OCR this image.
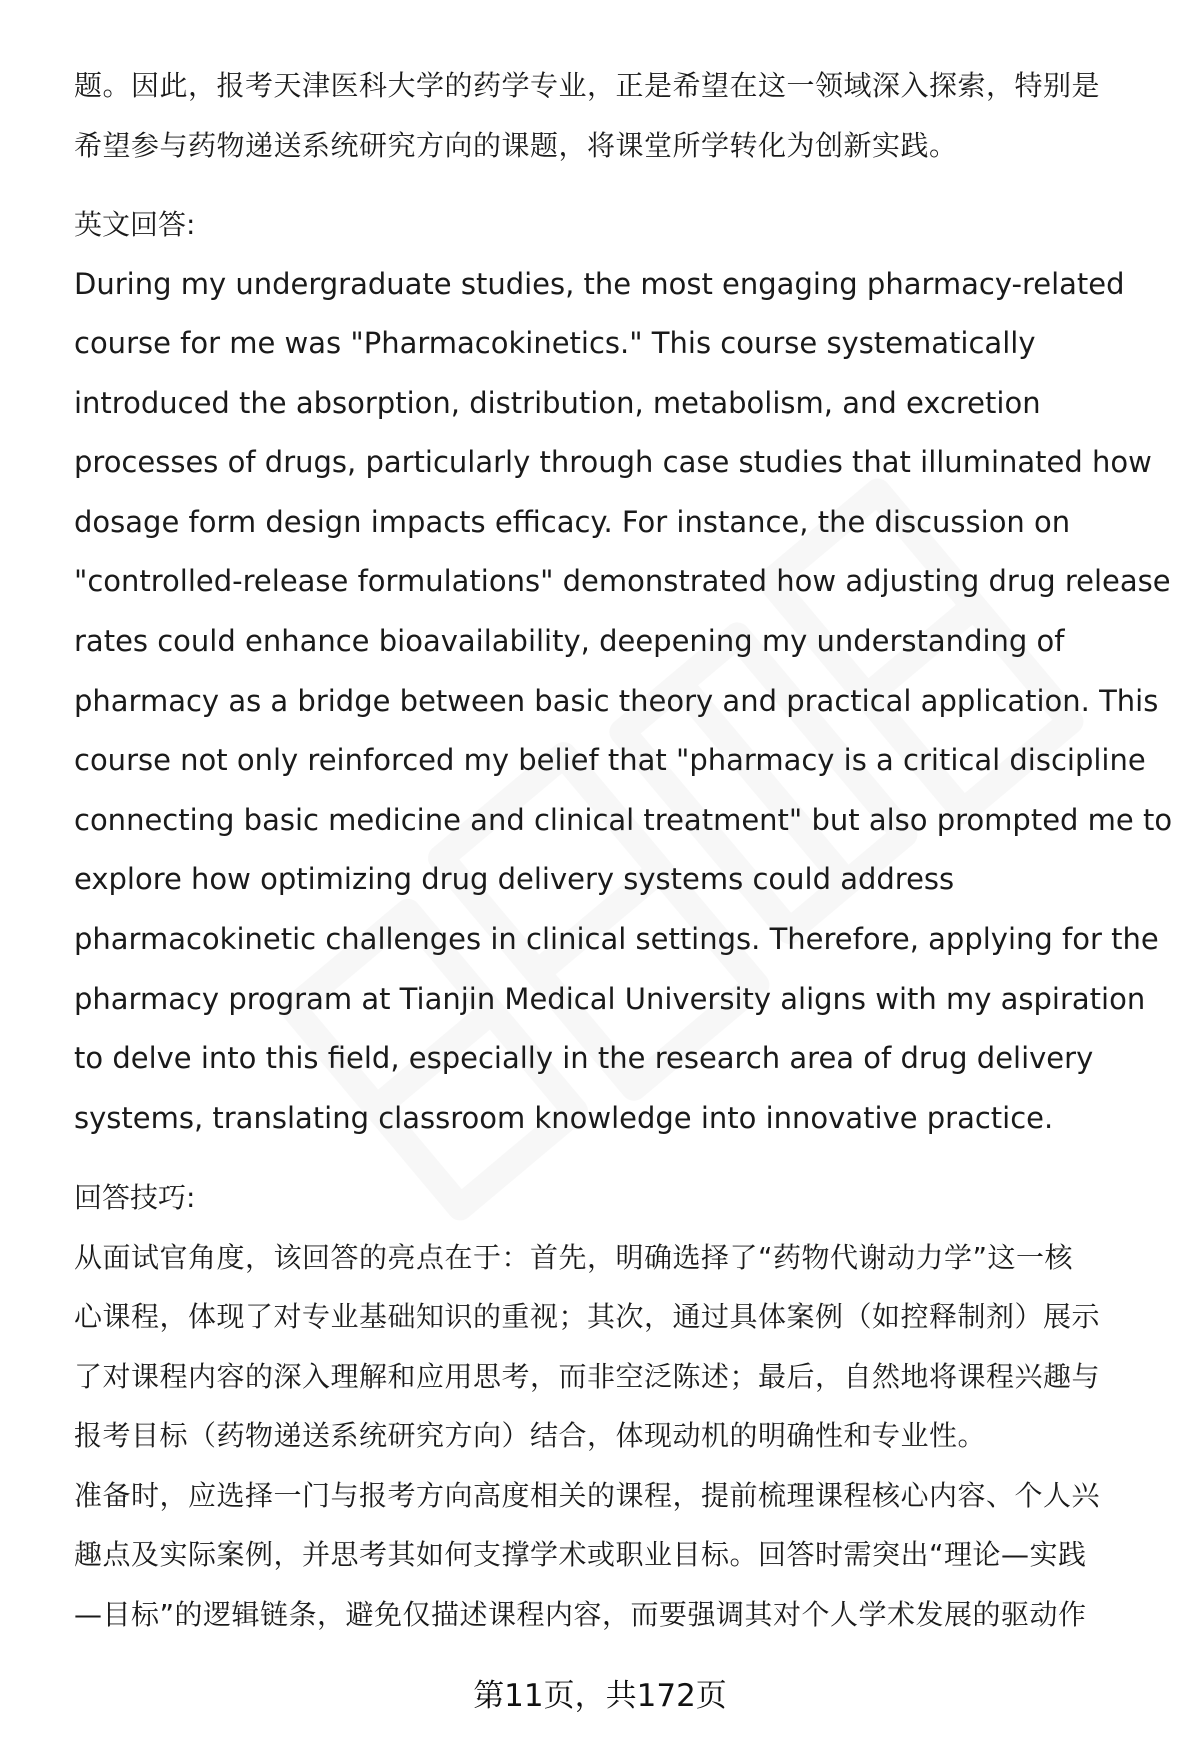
题。因此，报考天津医科大学的药学专业，正是希望在这一领域深入探索，特别是
希望参与药物递送系统研究方向的课题，将课堂所学转化为创新实践。

英文回答:

During my undergraduate studies, the most engaging pharmacy-related
course for me was "Pharmacokinetics." This course systematically
introduced the absorption, distribution, metabolism, and excretion
processes of drugs, particularly through case studies that illuminated how
dosage form design impacts efficacy. For instance, the discussion on
"controlled-release formulations" demonstrated how adjusting drug release
rates could enhance bioavailability, deepening my understanding of
pharmacy as a bridge between basic theory and practical application. This
course not only reinforced my belief that "pharmacy is a critical discipline
connecting basic medicine and clinical treatment" but also prompted me to
explore how optimizing drug delivery systems could address
pharmacokinetic challenges in clinical settings. Therefore, applying for the
pharmacy program at Tianjin Medical University aligns with my aspiration
to delve into this field, especially in the research area of drug delivery
systems, translating classroom knowledge into innovative practice.

回答技巧:

从面试官角度，该回答的亮点在于：首先，明确选择了“药物代谢动力学”这一核
心课程，体现了对专业基础知识的重视；其次，通过具体案例（如控释制剂）展示
了对课程内容的深入理解和应用思考，而非空泛陈述；最后，自然地将课程兴趣与
报考目标（药物递送系统研究方向）结合，体现动机的明确性和专业性。

准备时，应选择一门与报考方向高度相关的课程，提前梳理课程核心内容、个人兴
趣点及实际案例，并思考其如何支撑学术或职业目标。回答时需突出“理论—实践
—目标”的逻辑链条，避免仅描述课程内容，而要强调其对个人学术发展的驱动作

第11页，共172页
